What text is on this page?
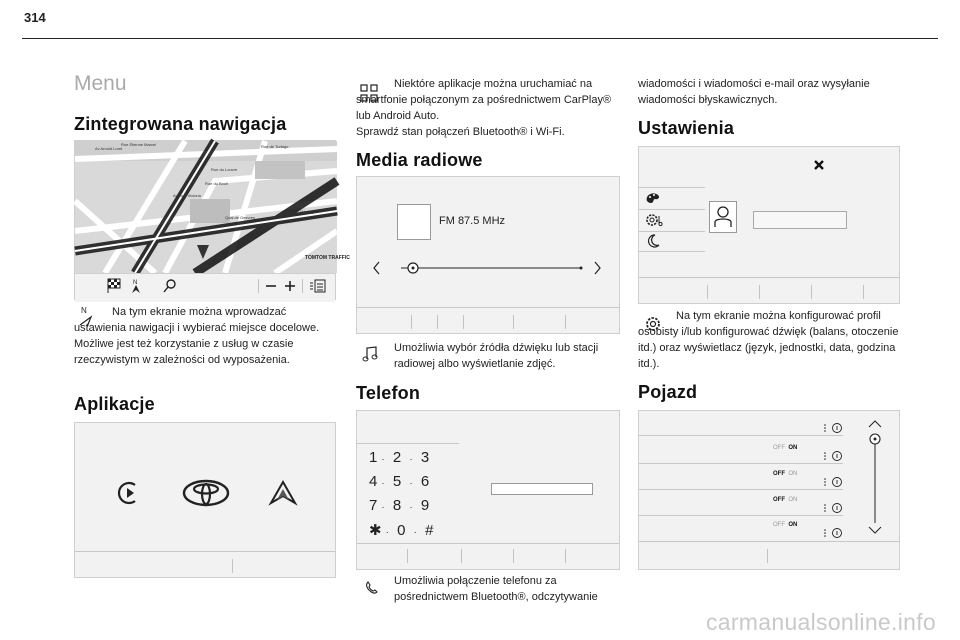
314
Menu
Zintegrowana nawigacja
Av Arnold Loret
Rue Étienne Marcel	Rue de Turbigo
Rue du Bouil
Rue du Louvre
Avenue Victoria
Quai de Gesvres
Quai de l'Horloge
TOMTOM TRAFFIC
N
N	Na tym ekranie można wprowadzać ustawienia nawigacji i wybierać miejsce docelowe.

Możliwe jest też korzystanie z usług w czasie rzeczywistym w zależności od wyposażenia.

Aplikacje

Niektóre aplikacje można uruchamiać na smartfonie połączonym za pośrednictwem CarPlay® lub Android Auto.

Sprawdź stan połączeń Bluetooth® i Wi-Fi.

Media radiowe
FM 87.5 MHz
Umożliwia wybór źródła dźwięku lub stacji radiowej albo wyświetlanie zdjęć.
Telefon
1 · 2 · 3
4 · 5 · 6
7 · 8 · 9
✱ · 0 · #
Umożliwia połączenie telefonu za pośrednictwem Bluetooth®, odczytywanie
wiadomości i wiadomości e-mail oraz wysyłanie wiadomości błyskawicznych.
Ustawienia

Na tym ekranie można konfigurować profil osobisty i/lub konfigurować dźwięk (balans, otoczenie itd.) oraz wyświetlacz (język, jednostki, data, godzina itd.).

Pojazd
OFF ON
OFF ON
OFF ON
OFF ON
carmanualsonline.info
